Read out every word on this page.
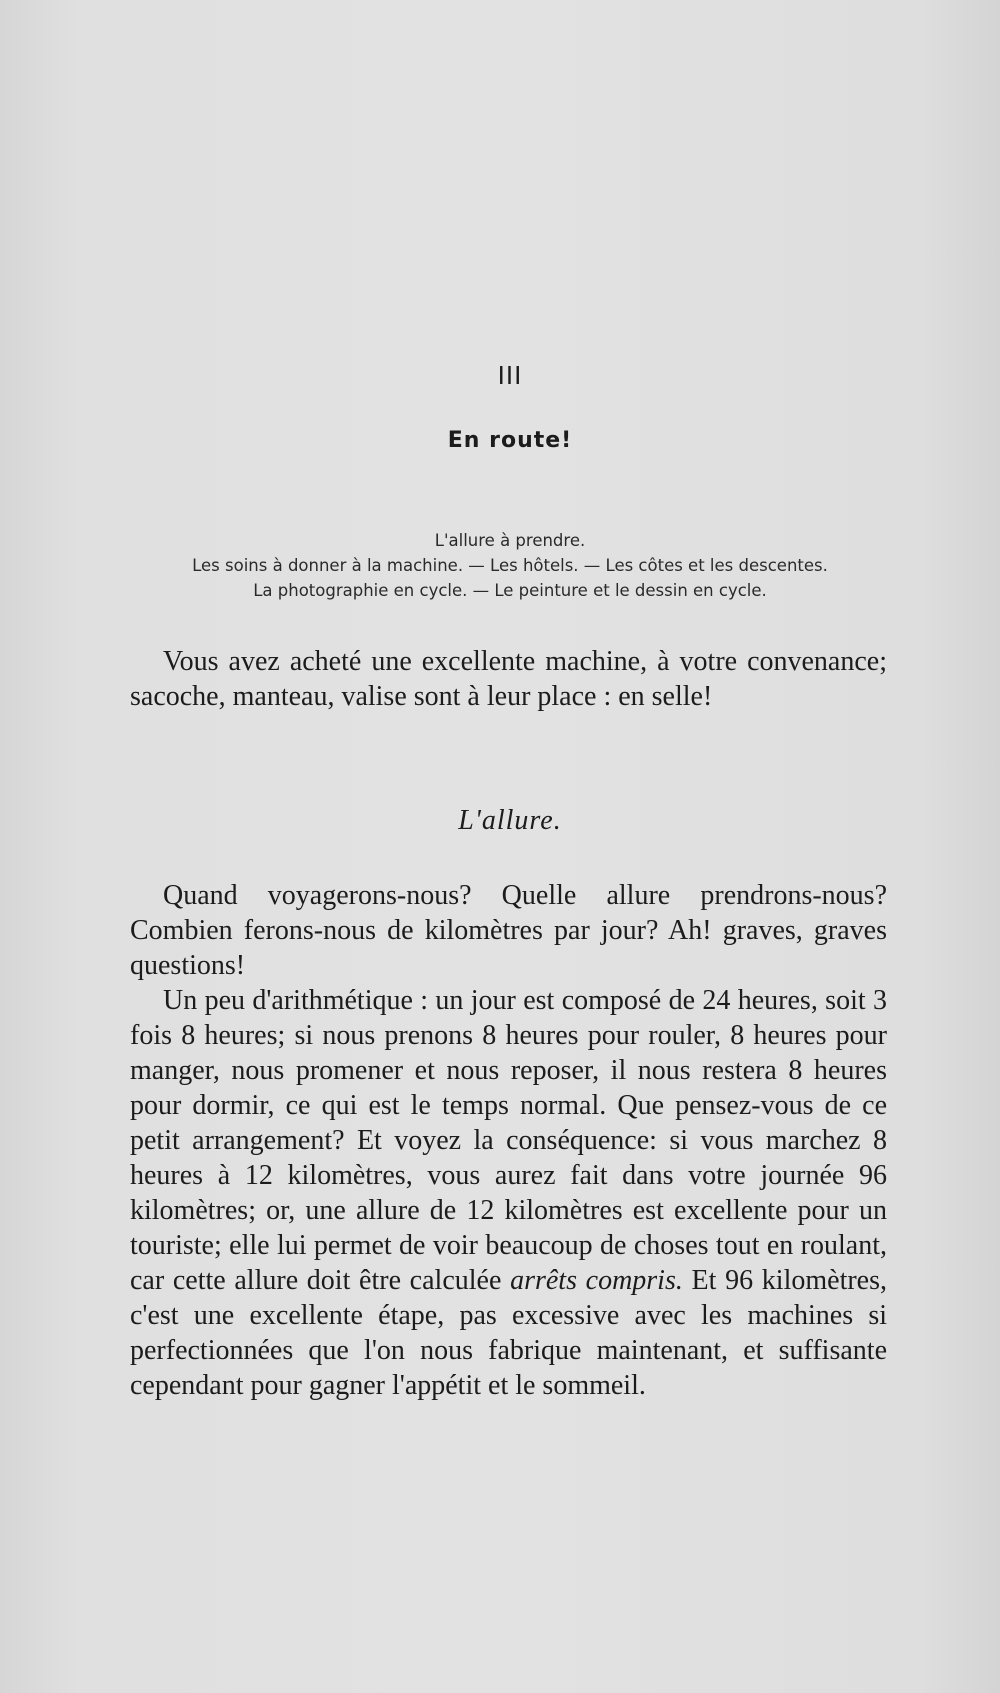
III
En route!
L'allure à prendre.
Les soins à donner à la machine. — Les hôtels. — Les côtes et les descentes.
La photographie en cycle. — Le peinture et le dessin en cycle.

Vous avez acheté une excellente machine, à votre convenance; sacoche, manteau, valise sont à leur place : en selle!

L'allure.

Quand voyagerons-nous? Quelle allure prendrons-nous? Combien ferons-nous de kilomètres par jour? Ah! graves, graves questions!

Un peu d'arithmétique : un jour est composé de 24 heures, soit 3 fois 8 heures; si nous prenons 8 heures pour rouler, 8 heures pour manger, nous promener et nous reposer, il nous restera 8 heures pour dormir, ce qui est le temps normal. Que pensez-vous de ce petit arrangement? Et voyez la conséquence: si vous marchez 8 heures à 12 kilomètres, vous aurez fait dans votre journée 96 kilomètres; or, une allure de 12 kilomètres est excellente pour un touriste; elle lui permet de voir beaucoup de choses tout en roulant, car cette allure doit être calculée arrêts compris. Et 96 kilomètres, c'est une excellente étape, pas excessive avec les machines si perfectionnées que l'on nous fabrique maintenant, et suffisante cependant pour gagner l'appétit et le sommeil.
